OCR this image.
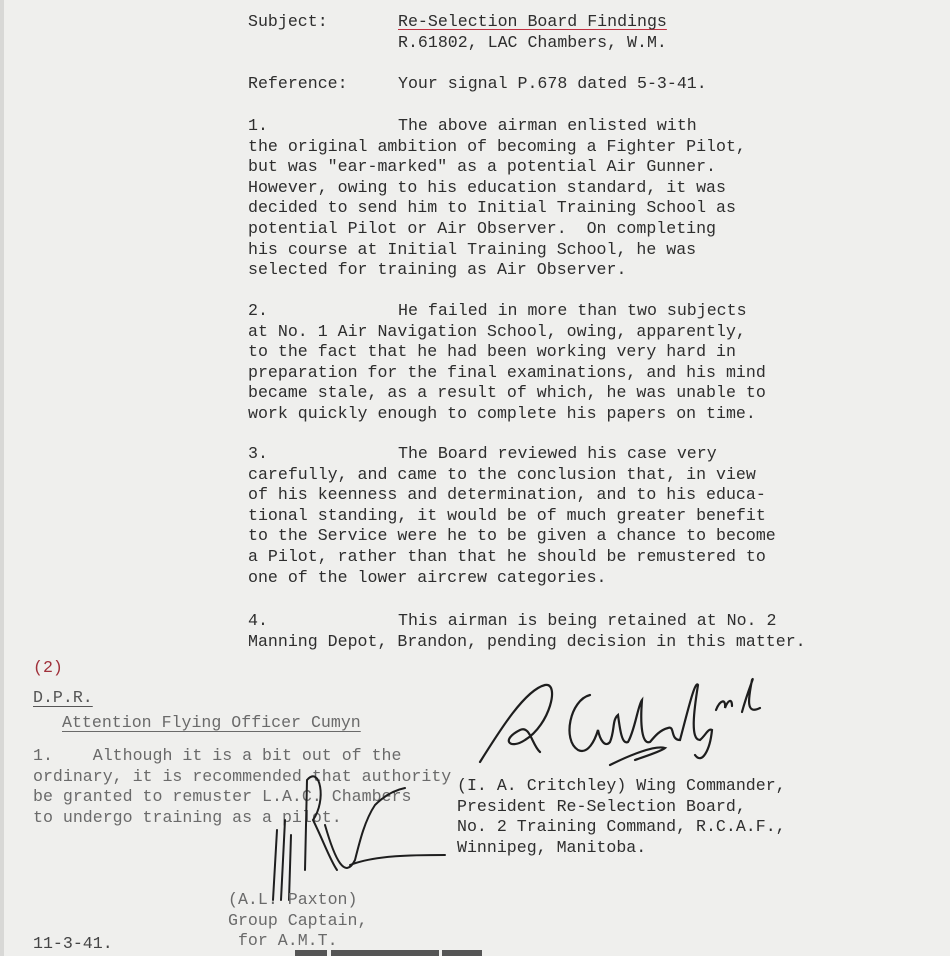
Subject:	Re-Selection Board Findings
R.61802, LAC Chambers, W.M.
Reference:	Your signal P.678 dated 5-3-41.
1.	The above airman enlisted with
the original ambition of becoming a Fighter Pilot,
but was "ear-marked" as a potential Air Gunner.
However, owing to his education standard, it was
decided to send him to Initial Training School as
potential Pilot or Air Observer.  On completing
his course at Initial Training School, he was
selected for training as Air Observer.
2.	He failed in more than two subjects
at No. 1 Air Navigation School, owing, apparently,
to the fact that he had been working very hard in
preparation for the final examinations, and his mind
became stale, as a result of which, he was unable to
work quickly enough to complete his papers on time.
3.	The Board reviewed his case very
carefully, and came to the conclusion that, in view
of his keenness and determination, and to his educa-
tional standing, it would be of much greater benefit
to the Service were he to be given a chance to become
a Pilot, rather than that he should be remustered to
one of the lower aircrew categories.
4.	This airman is being retained at No. 2
Manning Depot, Brandon, pending decision in this matter.
(I. A. Critchley) Wing Commander,
President Re-Selection Board,
No. 2 Training Command, R.C.A.F.,
Winnipeg, Manitoba.
(2)
D.P.R.
Attention Flying Officer Cumyn
1.	Although it is a bit out of the
ordinary, it is recommended that authority
be granted to remuster L.A.C. Chambers
to undergo training as a pilot.
(A.L. Paxton)
Group Captain,
for A.M.T.
11-3-41.
